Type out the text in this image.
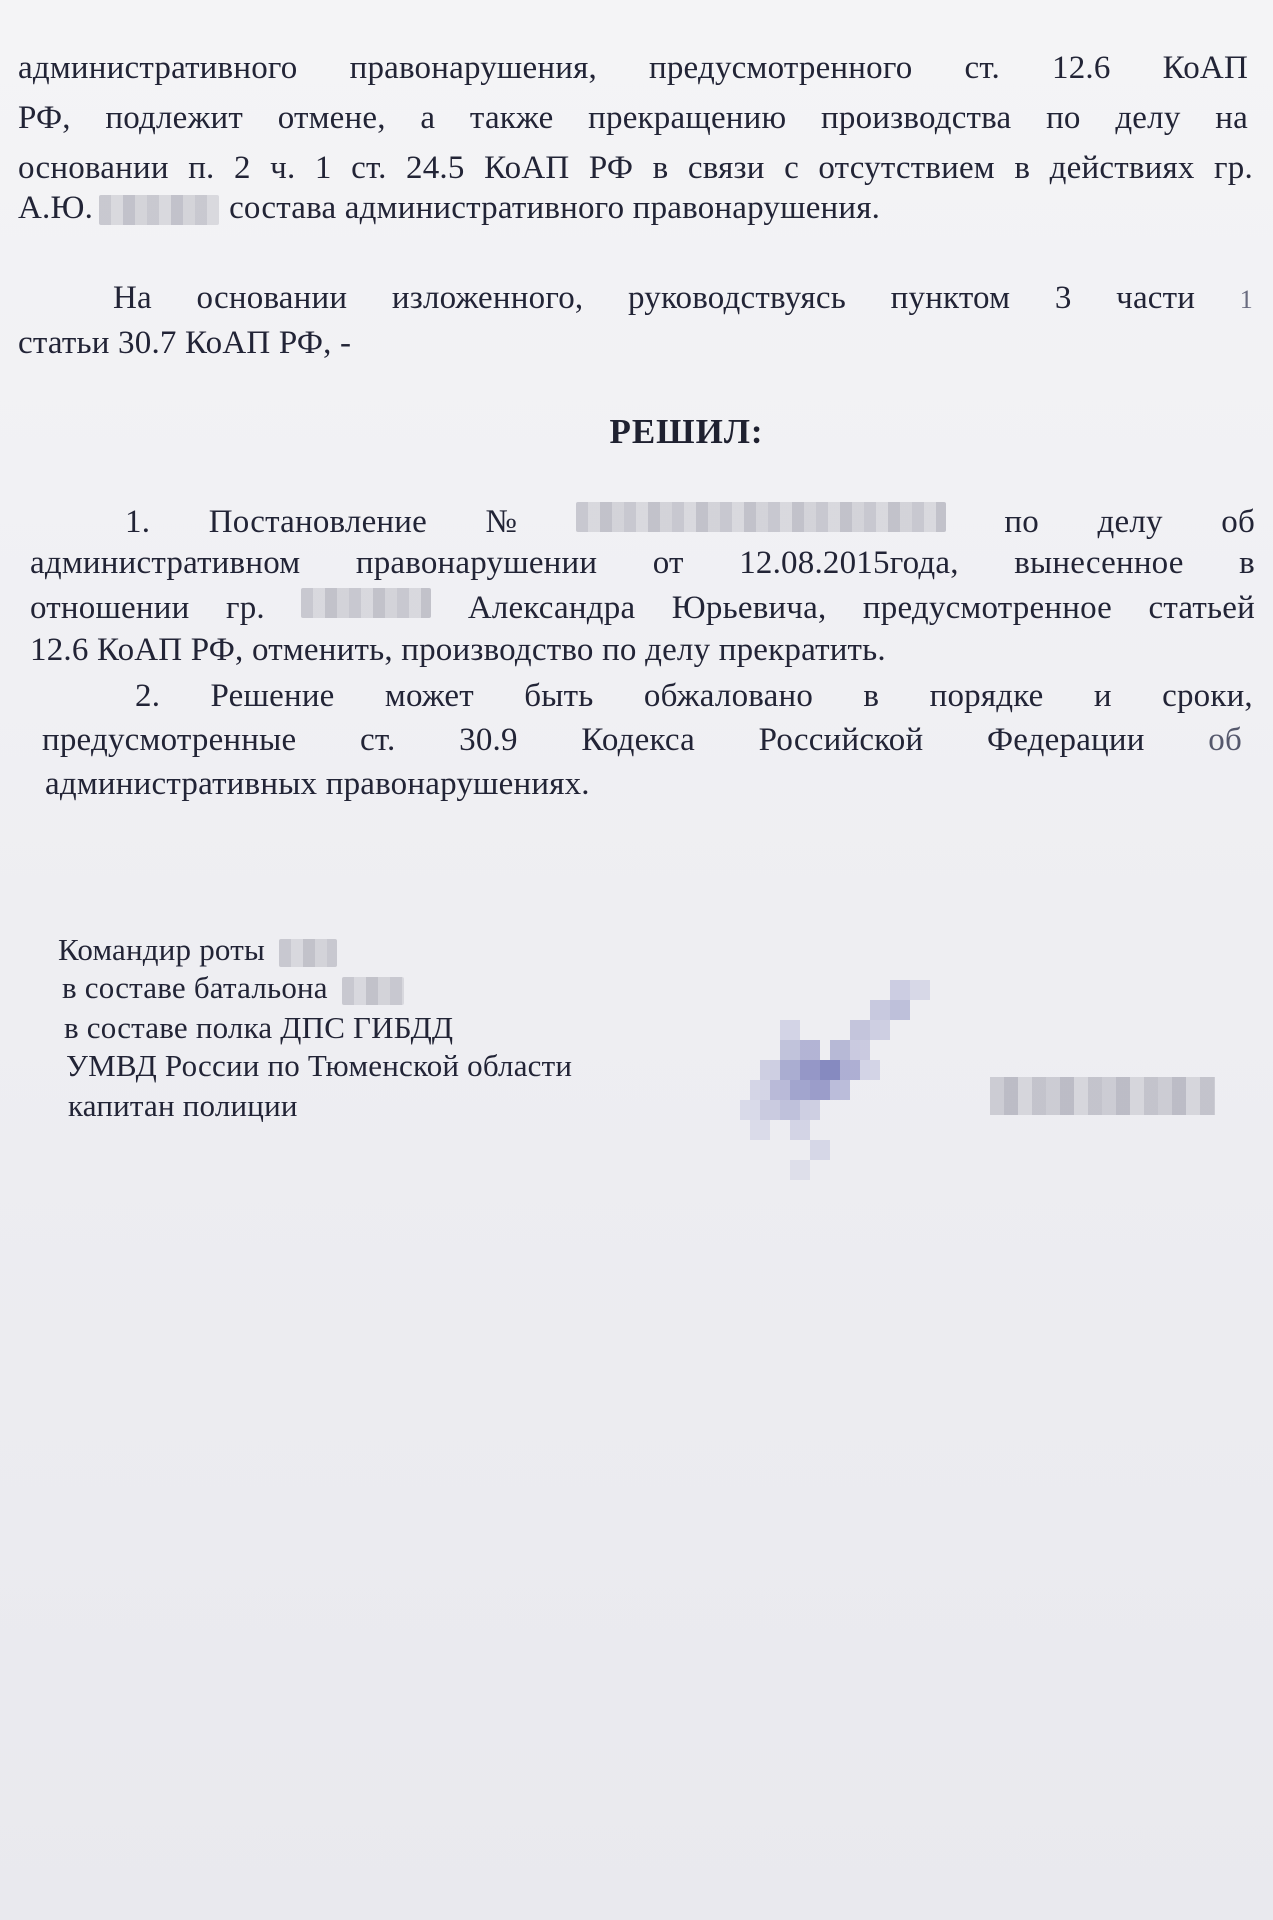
административного правонарушения, предусмотренного ст. 12.6 КоАП
РФ, подлежит отмене, а также прекращению производства по делу на
основании п. 2 ч. 1 ст. 24.5 КоАП РФ в связи с отсутствием в действиях гр.
А.Ю.	состава административного правонарушения.
На основании изложенного, руководствуясь пунктом 3 части 1
статьи 30.7 КоАП РФ, -
РЕШИЛ:
1. Постановление №	по делу об
административном правонарушении от 12.08.2015года, вынесенное в
отношении гр.	Александра Юрьевича, предусмотренное статьей
12.6 КоАП РФ, отменить, производство по делу прекратить.
2. Решение может быть обжаловано в порядке и сроки,
предусмотренные ст. 30.9 Кодекса Российской Федерации об
административных правонарушениях.
Командир роты
в составе батальона
в составе полка ДПС ГИБДД
УМВД России по Тюменской области
капитан полиции
